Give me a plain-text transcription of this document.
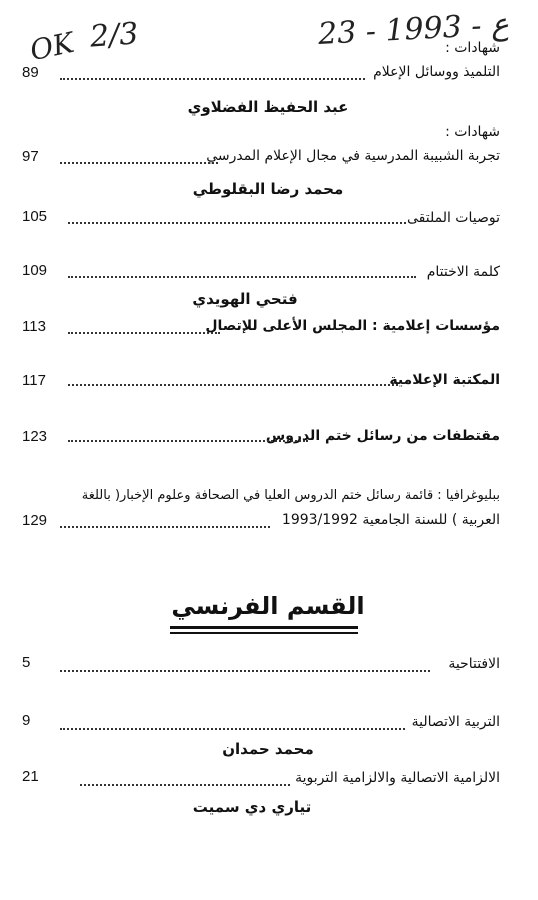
OK 2/3	23 - ع - 1993
شهادات :
التلميذ ووسائل الإعلام
89
عبد الحفيظ الفضلاوي
شهادات :
تجربة الشبيبة المدرسية في مجال الإعلام المدرسي
97
محمد رضا البقلوطي
توصيات الملتقى
105
كلمة الاختتام
109
فتحي الهويدي
مؤسسات إعلامية : المجلس الأعلى للإتصال
113
المكتبة الإعلامية
117
مقتطفات من رسائل ختم الدروس
123
ببليوغرافيا : قائمة رسائل ختم الدروس العليا في الصحافة وعلوم الإخبار( باللغة
العربية ) للسنة الجامعية 1993/1992
129
القسم الفرنسي
الافتتاحية
5
التربية الاتصالية
9
محمد حمدان
الالزامية الاتصالية والالزامية التربوية
21
تياري دي سميت
